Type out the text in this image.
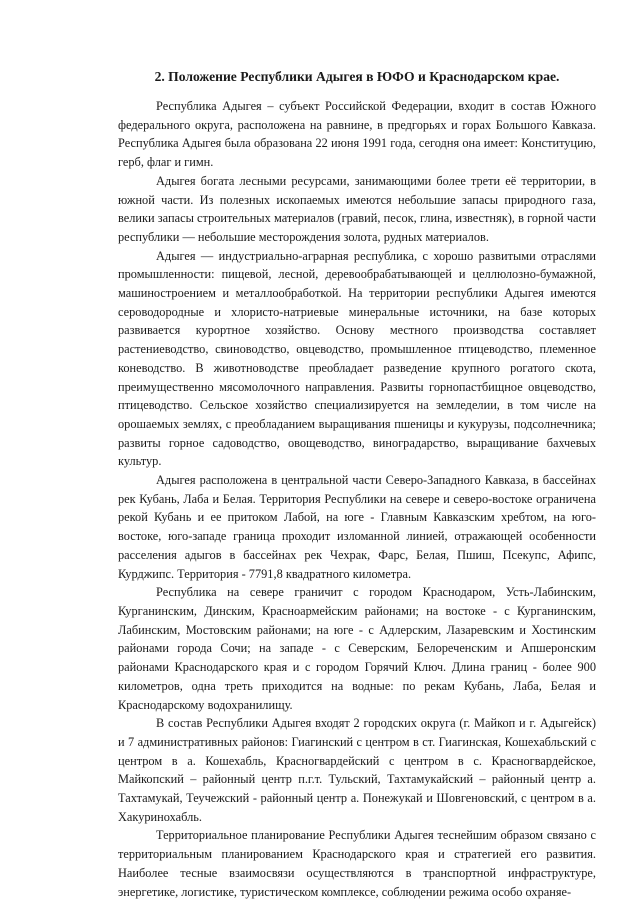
2. Положение Республики Адыгея в ЮФО и Краснодарском крае.

Республика Адыгея – субъект Российской Федерации, входит в состав Южного федерального округа, расположена на равнине, в предгорьях и горах Большого Кавказа. Республика Адыгея была образована 22 июня 1991 года, сегодня она имеет: Конституцию, герб, флаг и гимн.

Адыгея богата лесными ресурсами, занимающими более трети её территории, в южной части. Из полезных ископаемых имеются небольшие запасы природного газа, велики запасы строительных материалов (гравий, песок, глина, известняк), в горной части республики — небольшие месторождения золота, рудных материалов.

Адыгея — индустриально-аграрная республика, с хорошо развитыми отраслями промышленности: пищевой, лесной, деревообрабатывающей и целлюлозно-бумажной, машиностроением и металлообработкой. На территории республики Адыгея имеются сероводородные и хлористо-натриевые минеральные источники, на базе которых развивается курортное хозяйство. Основу местного производства составляет растениеводство, свиноводство, овцеводство, промышленное птицеводство, племенное коневодство. В животноводстве преобладает разведение крупного рогатого скота, преимущественно мясомолочного направления. Развиты горнопастбищное овцеводство, птицеводство. Сельское хозяйство специализируется на земледелии, в том числе на орошаемых землях, с преобладанием выращивания пшеницы и кукурузы, подсолнечника; развиты горное садоводство, овощеводство, виноградарство, выращивание бахчевых культур.

Адыгея расположена в центральной части Северо-Западного Кавказа, в бассейнах рек Кубань, Лаба и Белая. Территория Республики на севере и северо-востоке ограничена рекой Кубань и ее притоком Лабой, на юге - Главным Кавказским хребтом, на юго-востоке, юго-западе граница проходит изломанной линией, отражающей особенности расселения адыгов в бассейнах рек Чехрак, Фарс, Белая, Пшиш, Псекупс, Афипс, Курджипс. Территория - 7791,8 квадратного километра.

Республика на севере граничит с городом Краснодаром, Усть-Лабинским, Курганинским, Динским, Красноармейским районами; на востоке - с Курганинским, Лабинским, Мостовским районами; на юге - с Адлерским, Лазаревским и Хостинским районами города Сочи; на западе - с Северским, Белореченским и Апшеронским районами Краснодарского края и с городом Горячий Ключ. Длина границ - более 900 километров, одна треть приходится на водные: по рекам Кубань, Лаба, Белая и Краснодарскому водохранилищу.

В состав Республики Адыгея входят 2 городских округа (г. Майкоп и г. Адыгейск) и 7 административных районов: Гиагинский с центром в ст. Гиагинская, Кошехабльский с центром в а. Кошехабль, Красногвардейский с центром в с. Красногвардейское, Майкопский – районный центр п.г.т. Тульский, Тахтамукайский – районный центр а. Тахтамукай, Теучежский - районный центр а. Понежукай и Шовгеновский, с центром в а. Хакуринохабль.

Территориальное планирование Республики Адыгея теснейшим образом связано с территориальным планированием Краснодарского края и стратегией его развития. Наиболее тесные взаимосвязи осуществляются в транспортной инфраструктуре, энергетике, логистике, туристическом комплексе, соблюдении режима особо охраняе-
